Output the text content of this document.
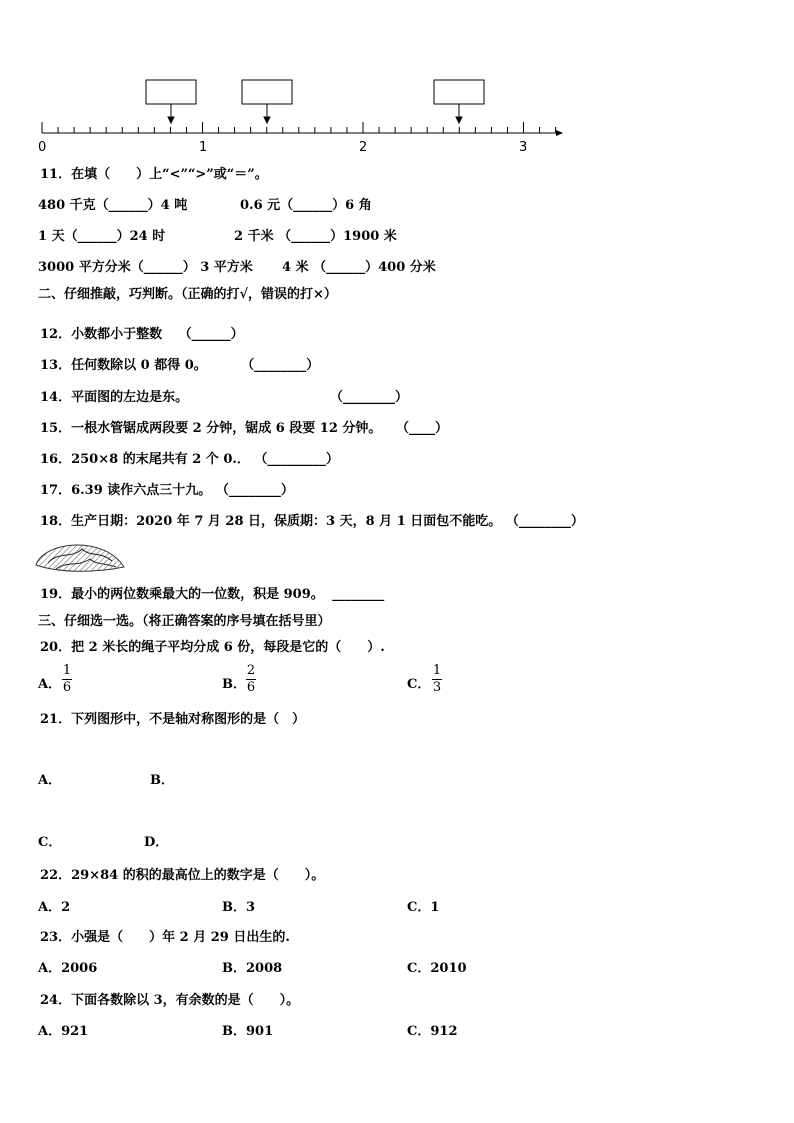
0	1	2	3
11．在填（　　）上“<”“>”或“＝”。
480 千克（______）4 吨	0.6 元（______）6 角
1 天（______）24 时	2 千米 （______）1900 米
3000 平方分米（______） 3 平方米 4 米 （______）400 分米
二、仔细推敲，巧判断。（正确的打√，错误的打×）
12．小数都小于整数 （______）
13．任何数除以 0 都得 0。	（________）
14．平面图的左边是东。	（________）
15．一根水管锯成两段要 2 分钟，锯成 6 段要 12 分钟。 （____）
16．250×8 的末尾共有 2 个 0.． （_________）
17．6.39 读作六点三十九。 （________）
18．生产日期：2020 年 7 月 28 日，保质期：3 天，8 月 1 日面包不能吃。 （________）
19．最小的两位数乘最大的一位数，积是 909。 ________
三、仔细选一选。（将正确答案的序号填在括号里）
20．把 2 米长的绳子平均分成 6 份，每段是它的（　　）.
A．
1
6	B．
2
6	C．
1
3
21．下列图形中，不是轴对称图形的是（　）
A．	B．
C．	D．
22．29×84 的积的最高位上的数字是（　　）。
A．2	B．3	C．1
23．小强是（　　）年 2 月 29 日出生的.
A．2006	B．2008	C．2010
24．下面各数除以 3，有余数的是（　　）。
A．921	B．901	C．912
